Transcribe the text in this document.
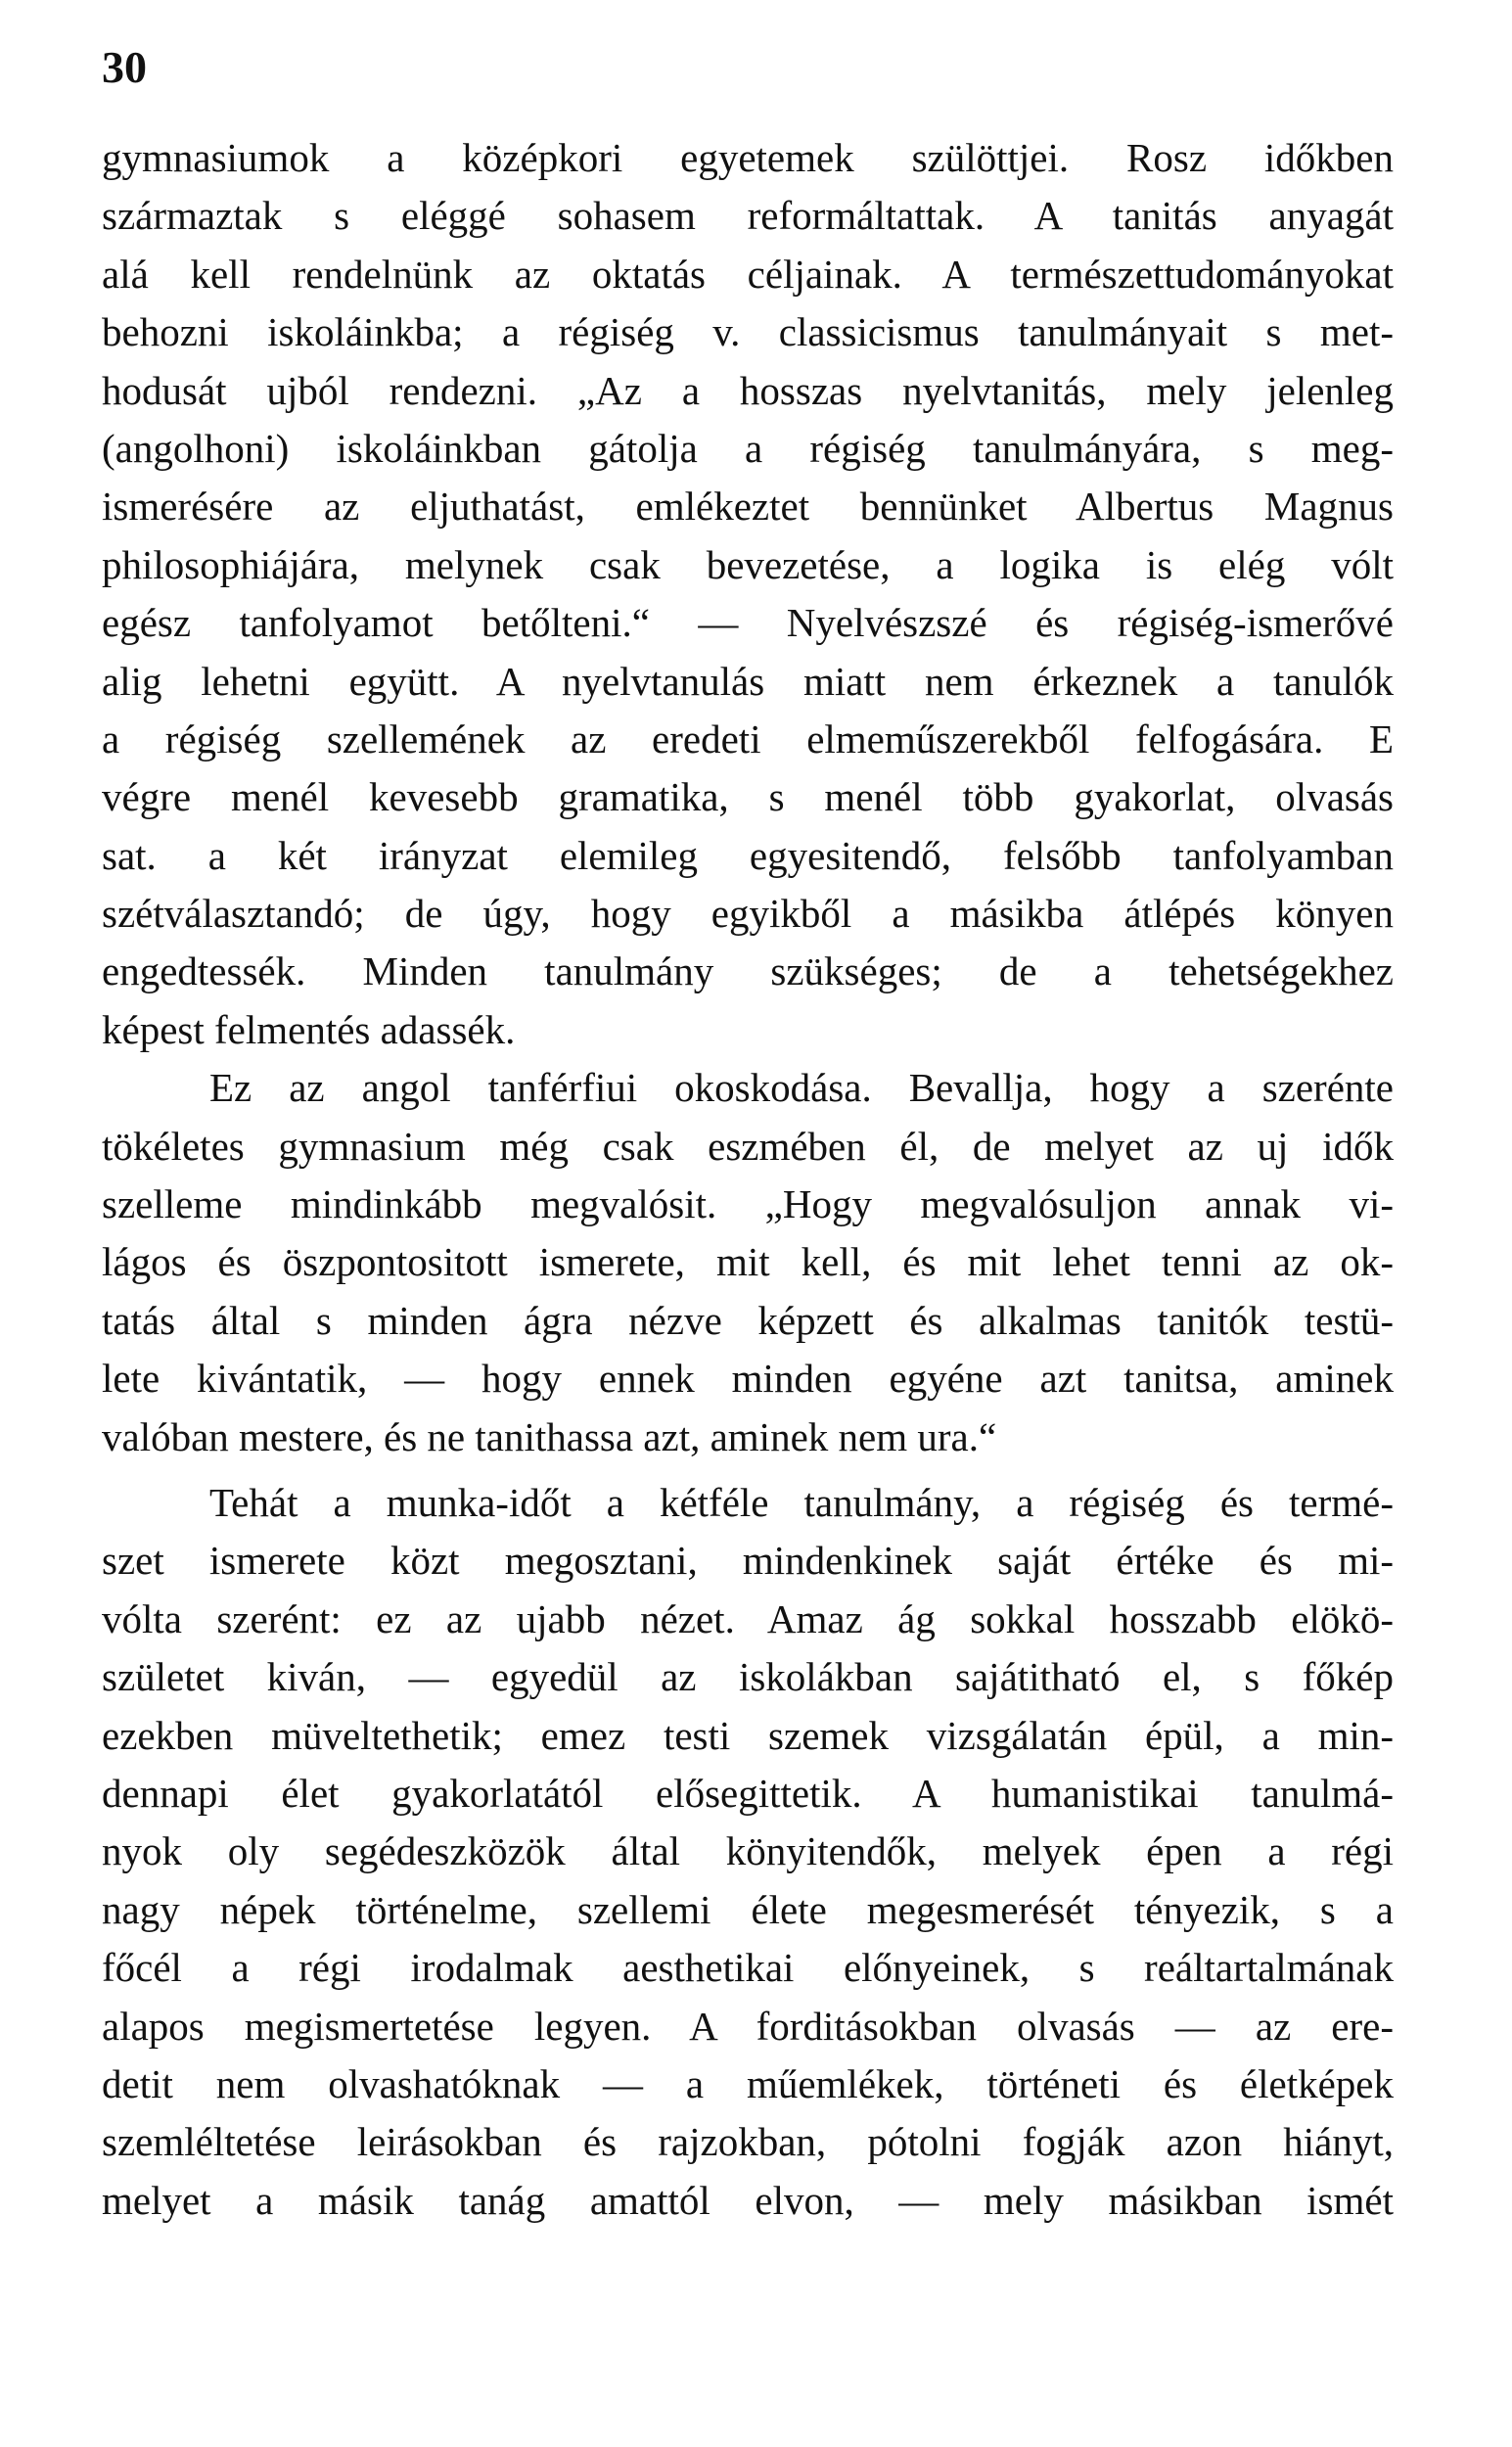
30
gymnasiumok a középkori egyetemek szülöttjei. Rosz időkben
származtak s eléggé sohasem reformáltattak. A tanitás anyagát
alá kell rendelnünk az oktatás céljainak. A természettudományokat
behozni iskoláinkba; a régiség v. classicismus tanulmányait s met-
hodusát ujból rendezni. „Az a hosszas nyelvtanitás, mely jelenleg
(angolhoni) iskoláinkban gátolja a régiség tanulmányára, s meg-
ismerésére az eljuthatást, emlékeztet bennünket Albertus Magnus
philosophiájára, melynek csak bevezetése, a logika is elég vólt
egész tanfolyamot betőlteni.“ — Nyelvészszé és régiség-ismerővé
alig lehetni együtt. A nyelvtanulás miatt nem érkeznek a tanulók
a régiség szellemének az eredeti elmeműszerekből felfogására. E
végre menél kevesebb gramatika, s menél több gyakorlat, olvasás
sat. a két irányzat elemileg egyesitendő, felsőbb tanfolyamban
szétválasztandó; de úgy, hogy egyikből a másikba átlépés könyen
engedtessék. Minden tanulmány szükséges; de a tehetségekhez
képest felmentés adassék.
Ez az angol tanférfiui okoskodása. Bevallja, hogy a szerénte
tökéletes gymnasium még csak eszmében él, de melyet az uj idők
szelleme mindinkább megvalósit. „Hogy megvalósuljon annak vi-
lágos és öszpontositott ismerete, mit kell, és mit lehet tenni az ok-
tatás által s minden ágra nézve képzett és alkalmas tanitók testü-
lete kivántatik, — hogy ennek minden egyéne azt tanitsa, aminek
valóban mestere, és ne tanithassa azt, aminek nem ura.“
Tehát a munka-időt a kétféle tanulmány, a régiség és termé-
szet ismerete közt megosztani, mindenkinek saját értéke és mi-
vólta szerént: ez az ujabb nézet. Amaz ág sokkal hosszabb elökö-
születet kiván, — egyedül az iskolákban sajátitható el, s főkép
ezekben müveltethetik; emez testi szemek vizsgálatán épül, a min-
dennapi élet gyakorlatától elősegittetik. A humanistikai tanulmá-
nyok oly segédeszközök által könyitendők, melyek épen a régi
nagy népek történelme, szellemi élete megesmerését tényezik, s a
főcél a régi irodalmak aesthetikai előnyeinek, s reáltartalmának
alapos megismertetése legyen. A forditásokban olvasás — az ere-
detit nem olvashatóknak — a műemlékek, történeti és életképek
szemléltetése leirásokban és rajzokban, pótolni fogják azon hiányt,
melyet a másik tanág amattól elvon, — mely másikban ismét
